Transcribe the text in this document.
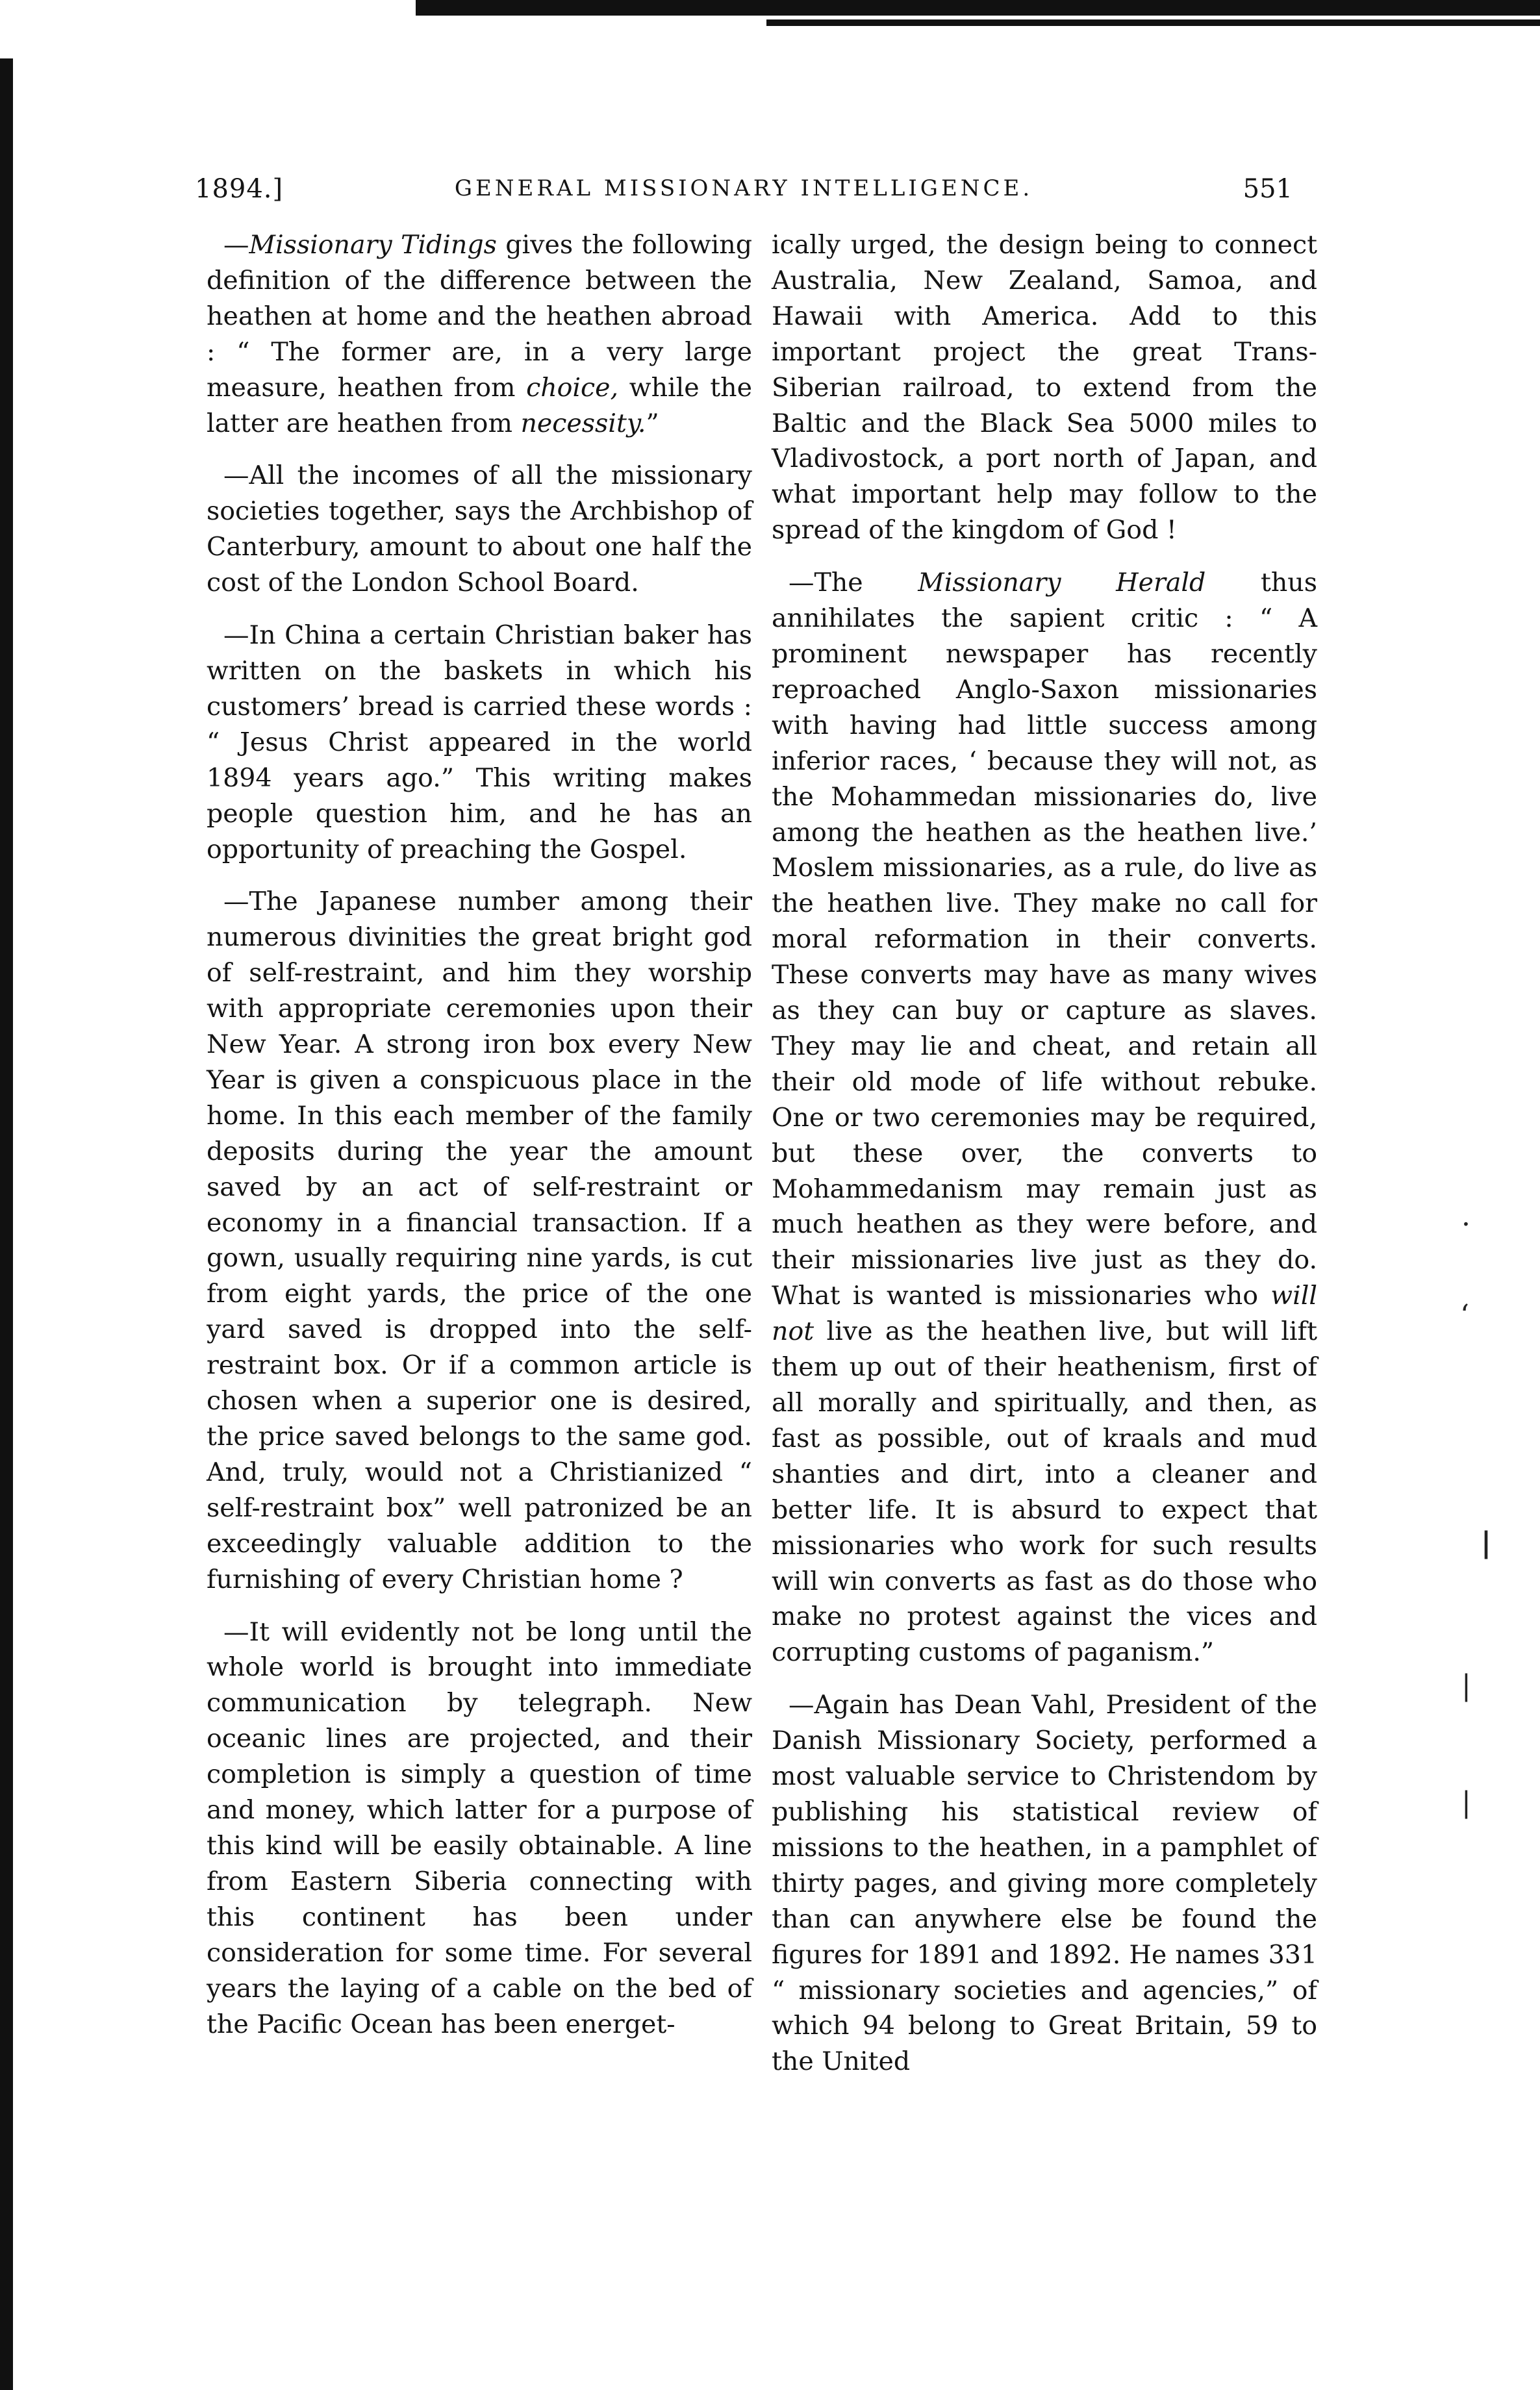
1894.]	GENERAL MISSIONARY INTELLIGENCE.	551

—Missionary Tidings gives the following definition of the difference between the heathen at home and the heathen abroad : “ The former are, in a very large measure, heathen from choice, while the latter are heathen from necessity.”

—All the incomes of all the missionary societies together, says the Archbishop of Canterbury, amount to about one half the cost of the London School Board.

—In China a certain Christian baker has written on the baskets in which his customers’ bread is carried these words : “ Jesus Christ appeared in the world 1894 years ago.” This writing makes people question him, and he has an opportunity of preaching the Gospel.

—The Japanese number among their numerous divinities the great bright god of self-restraint, and him they worship with appropriate ceremonies upon their New Year. A strong iron box every New Year is given a conspicuous place in the home. In this each member of the family deposits during the year the amount saved by an act of self-restraint or economy in a financial transaction. If a gown, usually requiring nine yards, is cut from eight yards, the price of the one yard saved is dropped into the self-restraint box. Or if a common article is chosen when a superior one is desired, the price saved belongs to the same god. And, truly, would not a Christianized “ self-restraint box” well patronized be an exceedingly valuable addition to the furnishing of every Christian home ?

—It will evidently not be long until the whole world is brought into immediate communication by telegraph. New oceanic lines are projected, and their completion is simply a question of time and money, which latter for a purpose of this kind will be easily obtainable. A line from Eastern Siberia connecting with this continent has been under consideration for some time. For several years the laying of a cable on the bed of the Pacific Ocean has been energet-

ically urged, the design being to connect Australia, New Zealand, Samoa, and Hawaii with America. Add to this important project the great Trans-Siberian railroad, to extend from the Baltic and the Black Sea 5000 miles to Vladivostock, a port north of Japan, and what important help may follow to the spread of the kingdom of God !

—The Missionary Herald thus annihilates the sapient critic : “ A prominent newspaper has recently reproached Anglo-Saxon missionaries with having had little success among inferior races, ‘ because they will not, as the Mohammedan missionaries do, live among the heathen as the heathen live.’ Moslem missionaries, as a rule, do live as the heathen live. They make no call for moral reformation in their converts. These converts may have as many wives as they can buy or capture as slaves. They may lie and cheat, and retain all their old mode of life without rebuke. One or two ceremonies may be required, but these over, the converts to Mohammedanism may remain just as much heathen as they were before, and their missionaries live just as they do. What is wanted is missionaries who will not live as the heathen live, but will lift them up out of their heathenism, first of all morally and spiritually, and then, as fast as possible, out of kraals and mud shanties and dirt, into a cleaner and better life. It is absurd to expect that missionaries who work for such results will win converts as fast as do those who make no protest against the vices and corrupting customs of paganism.”

—Again has Dean Vahl, President of the Danish Missionary Society, performed a most valuable service to Christendom by publishing his statistical review of missions to the heathen, in a pamphlet of thirty pages, and giving more completely than can anywhere else be found the figures for 1891 and 1892. He names 331 “ missionary societies and agencies,” of which 94 belong to Great Britain, 59 to the United

·
ʻ
|
|
|
